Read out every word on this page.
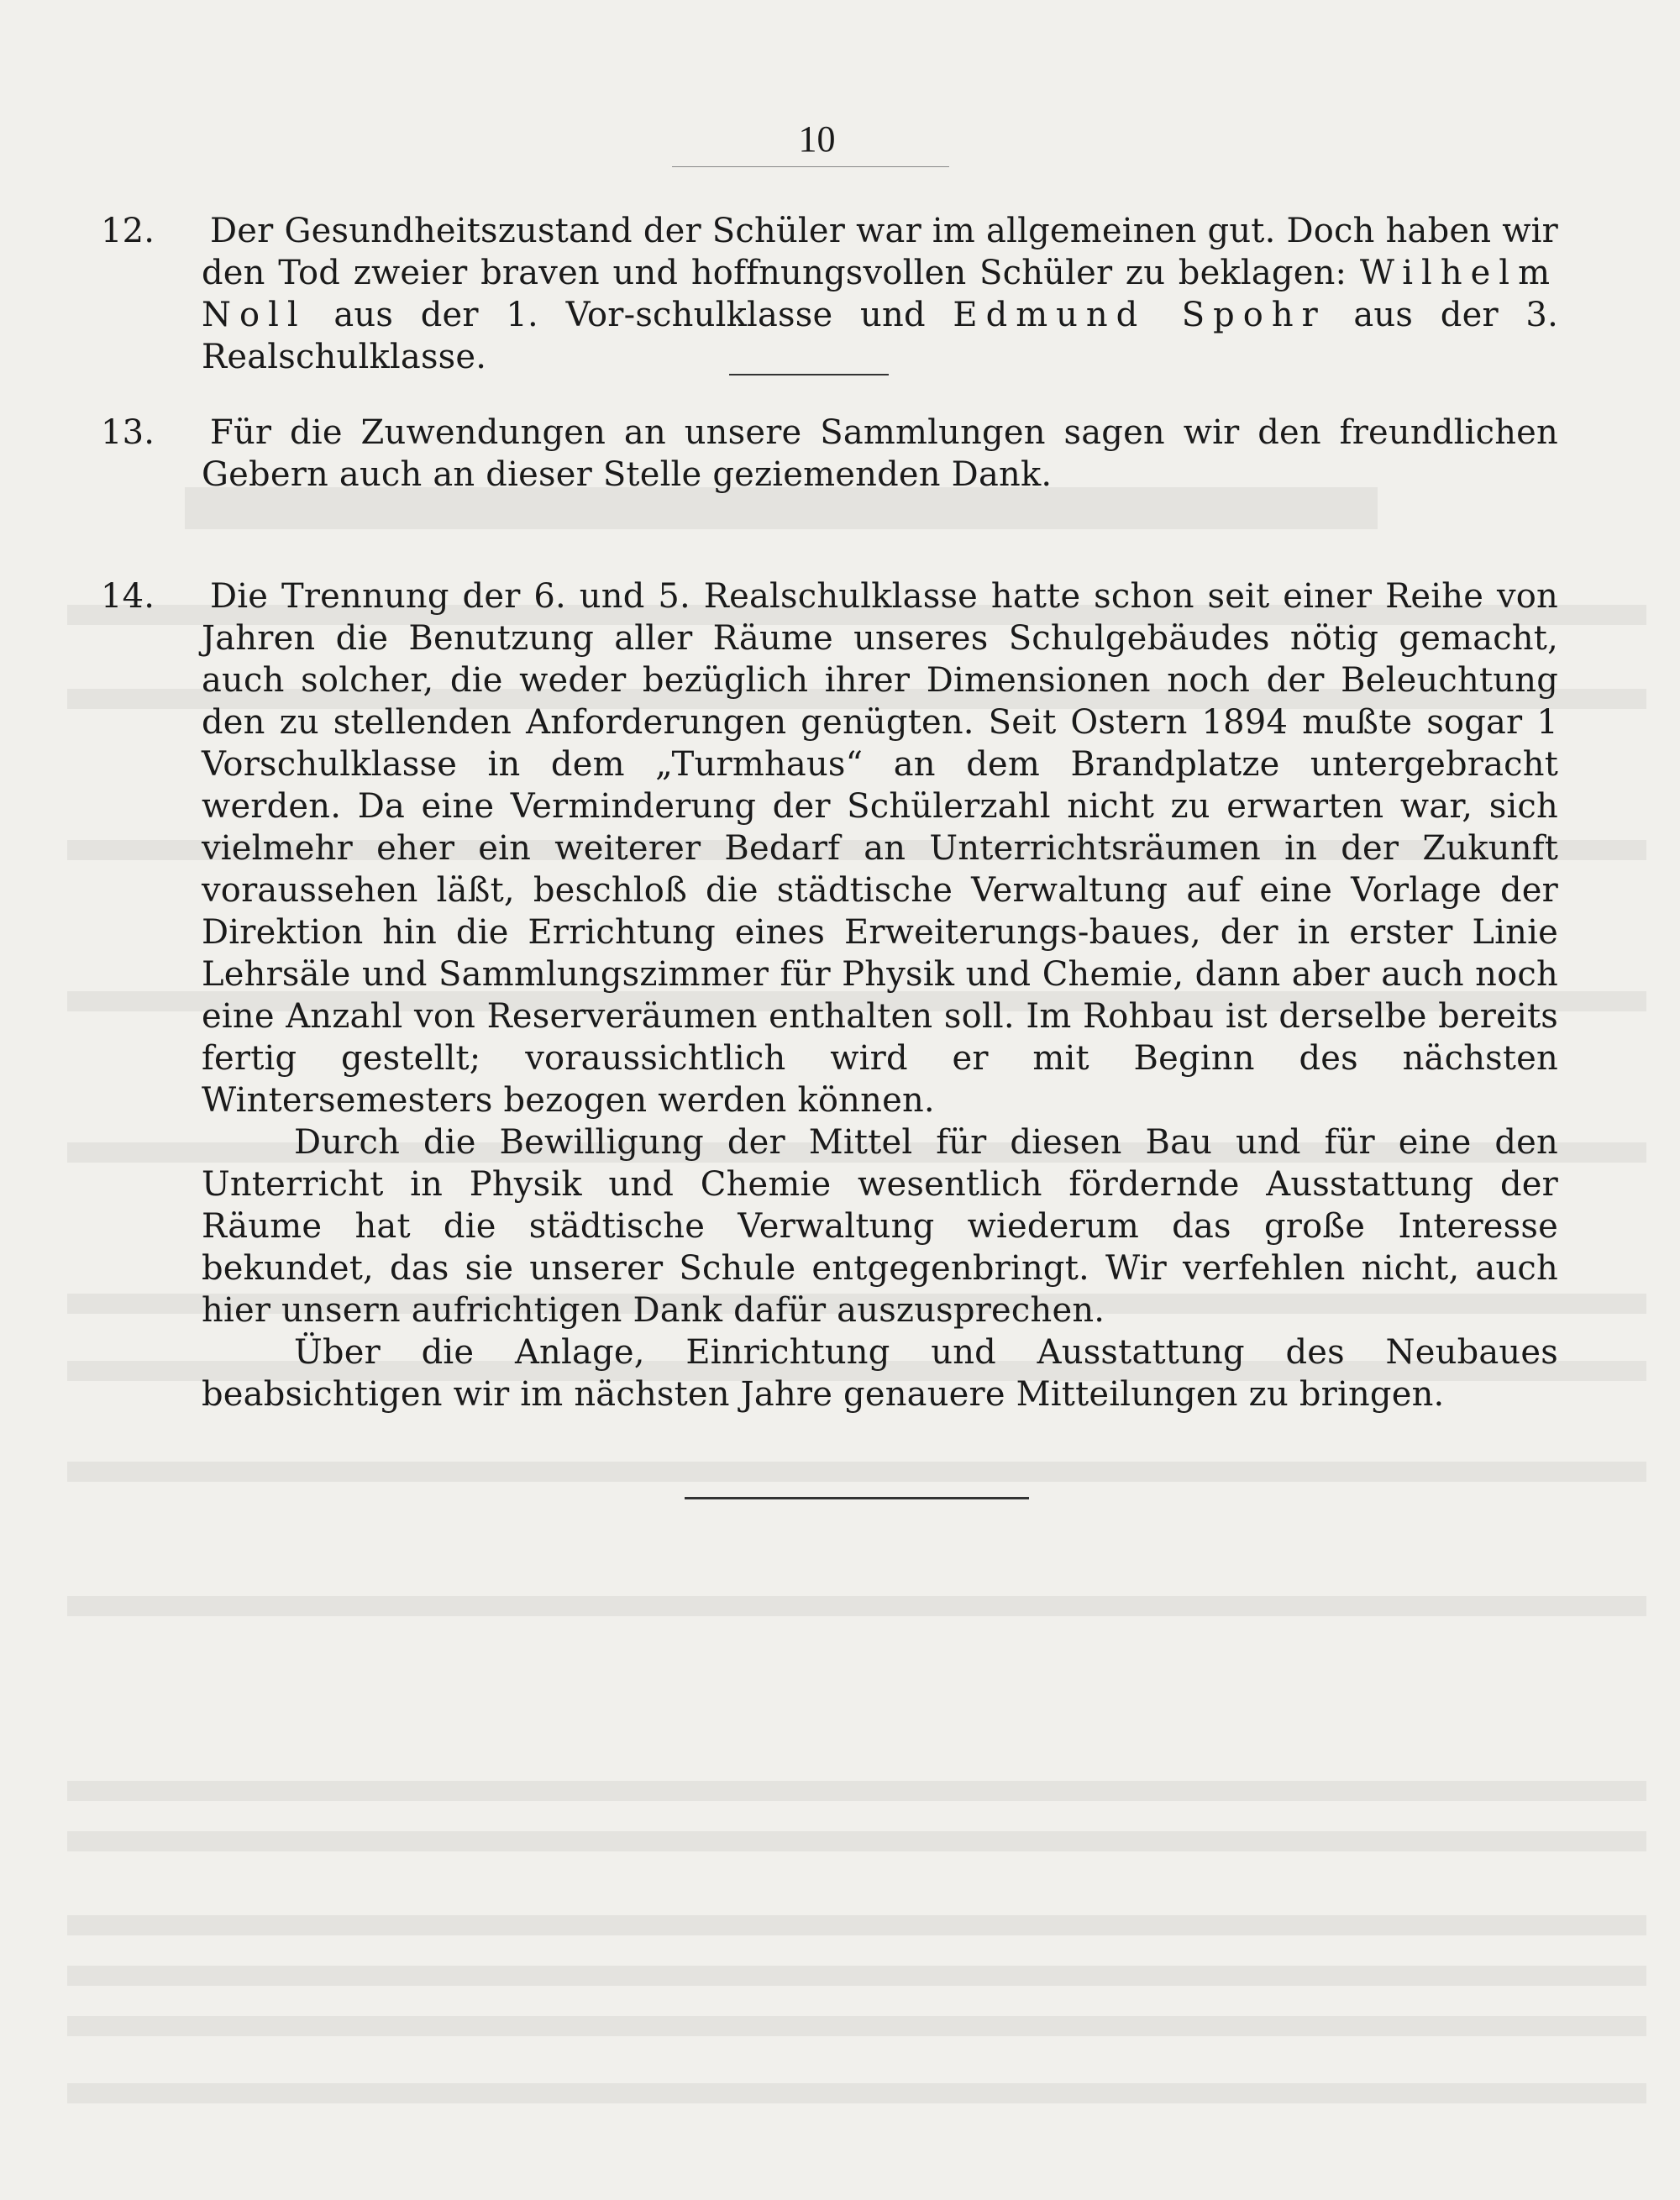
10

12. Der Gesundheitszustand der Schüler war im allgemeinen gut. Doch haben wir den Tod zweier braven und hoffnungsvollen Schüler zu beklagen: Wilhelm Noll aus der 1. Vor-schulklasse und Edmund Spohr aus der 3. Realschulklasse.

13. Für die Zuwendungen an unsere Sammlungen sagen wir den freundlichen Gebern auch an dieser Stelle geziemenden Dank.

14. Die Trennung der 6. und 5. Realschulklasse hatte schon seit einer Reihe von Jahren die Benutzung aller Räume unseres Schulgebäudes nötig gemacht, auch solcher, die weder bezüglich ihrer Dimensionen noch der Beleuchtung den zu stellenden Anforderungen genügten. Seit Ostern 1894 mußte sogar 1 Vorschulklasse in dem „Turmhaus“ an dem Brandplatze untergebracht werden. Da eine Verminderung der Schülerzahl nicht zu erwarten war, sich vielmehr eher ein weiterer Bedarf an Unterrichtsräumen in der Zukunft voraussehen läßt, beschloß die städtische Verwaltung auf eine Vorlage der Direktion hin die Errichtung eines Erweiterungs-baues, der in erster Linie Lehrsäle und Sammlungszimmer für Physik und Chemie, dann aber auch noch eine Anzahl von Reserveräumen enthalten soll. Im Rohbau ist derselbe bereits fertig gestellt; voraussichtlich wird er mit Beginn des nächsten Wintersemesters bezogen werden können.

Durch die Bewilligung der Mittel für diesen Bau und für eine den Unterricht in Physik und Chemie wesentlich fördernde Ausstattung der Räume hat die städtische Verwaltung wiederum das große Interesse bekundet, das sie unserer Schule entgegenbringt. Wir verfehlen nicht, auch hier unsern aufrichtigen Dank dafür auszusprechen.

Über die Anlage, Einrichtung und Ausstattung des Neubaues beabsichtigen wir im nächsten Jahre genauere Mitteilungen zu bringen.
